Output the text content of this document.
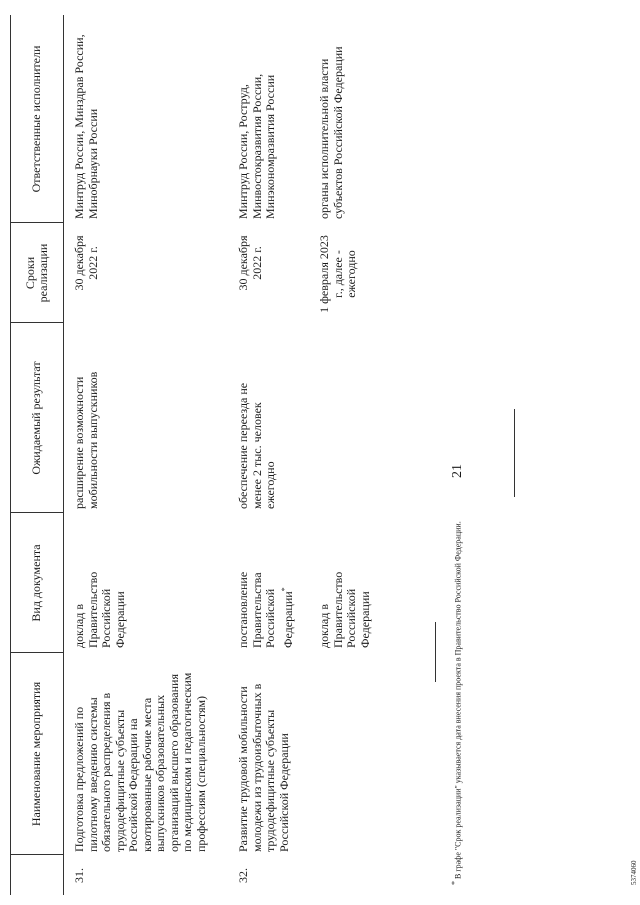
21
Наименование мероприятия
Вид документа
Ожидаемый результат
Сроки реализации
Ответственные исполнители
31.
Подготовка предложений по пилотному введению системы обязательного распределения в трудодефицитные субъекты Российской Федерации на квотированные рабочие места выпускников образовательных организаций высшего образования по медицинским и педагогическим профессиям (специальностям)
доклад в Правительство Российской Федерации
расширение возможности мобильности выпускников
30 декабря 2022 г.
Минтруд России, Минздрав России, Минобрнауки России
32.
Развитие трудовой мобильности молодежи из трудоизбыточных в трудодефицитные субъекты Российской Федерации
постановление Правительства Российской Федерации*
обеспечение переезда не менее 2 тыс. человек ежегодно
30 декабря 2022 г.
Минтруд России, Роструд, Минвостокразвития России, Минэкономразвития России
доклад в Правительство Российской Федерации
1 февраля 2023 г., далее - ежегодно
органы исполнительной власти субъектов Российской Федерации
* В графе "Срок реализации" указывается дата внесения проекта в Правительство Российской Федерации.	5374060
